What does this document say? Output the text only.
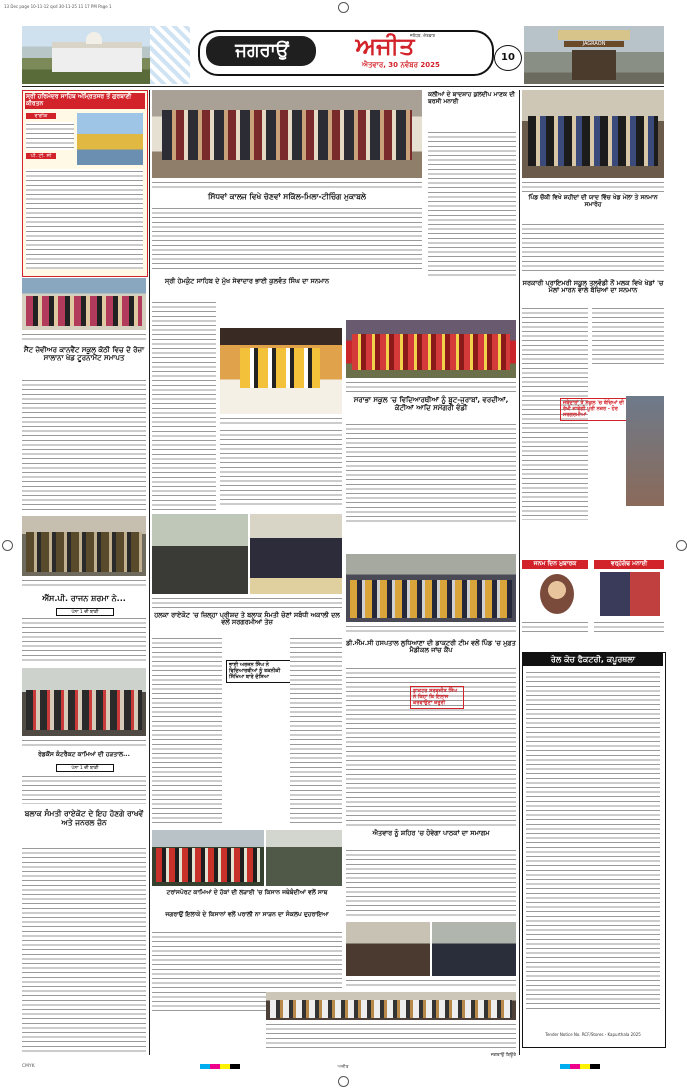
13 Dec page 10-11-12 qxd 30-11-25 11 17 PM Page 1
ਜਗਰਾਉਂ	ਅਜੀਤ
ਜਲੰਧਰ, ਐਤਵਾਰ
ਐਤਵਾਰ, 30 ਨਵੰਬਰ 2025
10
JAGRAON
ਸ੍ਰੀ ਹਰਿਮੰਦਰ ਸਾਹਿਬ ਅੰਮ੍ਰਿਤਸਰ ਤੋਂ ਗੁਰਬਾਣੀ ਕੀਰਤਨ
ਰਾਗੀਕ
ਪੀ. ਟੀ. ਸੀ
ਸਿੱਧਵਾਂ ਕਾਲਜ ਵਿਖੇ ਚੋਣਵਾਂ ਸਕਿੱਲ-ਮਿਲਾ-ਟੀਚਿੰਗ ਮੁਕਾਬਲੇ
ਕਲੀਆਂ ਦੇ ਬਾਦਸ਼ਾਹ ਕੁਲਦੀਪ ਮਾਣਕ ਦੀ ਬਰਸੀ ਮਨਾਈ
ਪਿੰਡ ਚੌਕੀ ਵਿਖੇ ਸ਼ਹੀਦਾਂ ਦੀ ਯਾਦ ਵਿੱਚ ਖੇਡ ਮੇਲਾ ਤੇ ਸਨਮਾਨ ਸਮਾਰੋਹ
ਸੈਂਟ ਜ਼ੇਵੀਅਰ ਕਾਨਵੈਂਟ ਸਕੂਲ ਕੋਠੀ ਵਿਚ ਦੋ ਰੋਜ਼ਾ ਸਾਲਾਨਾ ਖੇਡ ਟੂਰਨਾਮੈਂਟ ਸਮਾਪਤ
ਸ੍ਰੀ ਹੇਮਕੁੰਟ ਸਾਹਿਬ ਦੇ ਮੁੱਖ ਸੇਵਾਦਾਰ ਭਾਈ ਕੁਲਵੰਤ ਸਿੰਘ ਦਾ ਸਨਮਾਨ
ਸਰਾਭਾ ਸਕੂਲ 'ਚ ਵਿਦਿਆਰਥੀਆਂ ਨੂੰ ਬੂਟ-ਜੁਰਾਬਾਂ, ਵਰਦੀਆਂ, ਕੋਟੀਆਂ ਆਦਿ ਸਮੱਗਰੀ ਵੰਡੀ
ਸਰਕਾਰੀ ਪ੍ਰਾਇਮਰੀ ਸਕੂਲ ਤਲਵੰਡੀ ਨੌਂ ਮਲਕ ਵਿਖੇ ਖੇਡਾਂ 'ਚ ਮੱਲਾਂ ਮਾਰਨ ਵਾਲੇ ਬੱਚਿਆਂ ਦਾ ਸਨਮਾਨ
ਜਥੇਦਾਰਾਂ ਤੇ ਸਕੂਲ 'ਚ ਬੱਚਿਆਂ ਦੀ ਰੱਖੀ ਜਾਵੇਗੀ ਪੂਰੀ ਨਜ਼ਰ - ਹੋਰ ਸਰਗਰਮੀਆਂ
ਐੱਸ.ਪੀ. ਰਾਜਨ ਸ਼ਰਮਾ ਨੇ...
ਪੰਨਾ 1 ਦੀ ਬਾਕੀ	ਹਲਕਾ ਰਾਏਕੋਟ 'ਚ ਜ਼ਿਲ੍ਹਾ ਪ੍ਰੀਸ਼ਦ ਤੇ ਬਲਾਕ ਸੰਮਤੀ ਚੋਣਾਂ ਸਬੰਧੀ ਅਕਾਲੀ ਦਲ ਵਲੋਂ ਸਰਗਰਮੀਆਂ ਤੇਜ਼
ਜਨਮ ਦਿਨ ਮੁਬਾਰਕ	ਵਰ੍ਹੇਗੰਢ ਮਨਾਈ
ਰੇਡਕੌਂਸ ਕੰਟਰੈਕਟ ਕਾਮਿਆਂ ਦੀ ਹੜਤਾਲ...
ਪੰਨਾ 1 ਦੀ ਬਾਕੀ
ਬਲਾਕ ਸੰਮਤੀ ਰਾਏਕੋਟ ਦੇ ਇਹ ਹੋਣਗੇ ਰਾਖਵੇਂ ਅਤੇ ਜਨਰਲ ਜ਼ੋਨ
ਭਾਈ ਅਰਜਨ ਸਿੰਘ ਨੇ ਵਿਦਿਆਰਥੀਆਂ ਨੂੰ ਤਕਨੀਕੀ ਸਿੱਖਿਆ ਬਾਰੇ ਦੱਸਿਆ
ਡੀ.ਐੱਮ.ਸੀ ਹਸਪਤਾਲ ਲੁਧਿਆਣਾ ਦੀ ਡਾਕਟਰੀ ਟੀਮ ਵਲੋਂ ਪਿੰਡ 'ਚ ਮੁਫ਼ਤ ਮੈਡੀਕਲ ਜਾਂਚ ਕੈਂਪ
ਡਾਕਟਰ ਸਰਵਜੀਤ ਸਿੰਘ ਨੇ ਕਿਹਾ ਕਿ ਇਲਾਜ ਕਰਵਾਉਣਾ ਜ਼ਰੂਰੀ
ਰੇਲ ਕੋਚ ਫੈਕਟਰੀ, ਕਪੂਰਥਲਾ
Tender Notice No. RCF/Stores - Kapurthala 2025
ਟਰਾਂਸਪੋਰਟ ਕਾਮਿਆਂ ਦੇ ਹੱਕਾਂ ਦੀ ਲੜਾਈ 'ਚ ਕਿਸਾਨ ਜਥੇਬੰਦੀਆਂ ਵਲੋਂ ਸਾਥ
ਜਗਰਾਉਂ ਇਲਾਕੇ ਦੇ ਕਿਸਾਨਾਂ ਵਲੋਂ ਪਰਾਲੀ ਨਾ ਸਾੜਨ ਦਾ ਸੰਕਲਪ ਦੁਹਰਾਇਆ
ਐਤਵਾਰ ਨੂੰ ਸ਼ਹਿਰ 'ਚ ਹੋਵੇਗਾ ਪਾਠਕਾਂ ਦਾ ਸਮਾਗਮ
ਜਗਰਾਉਂ ਬਿਊਰੋ
CMYK	ਅਜੀਤ
